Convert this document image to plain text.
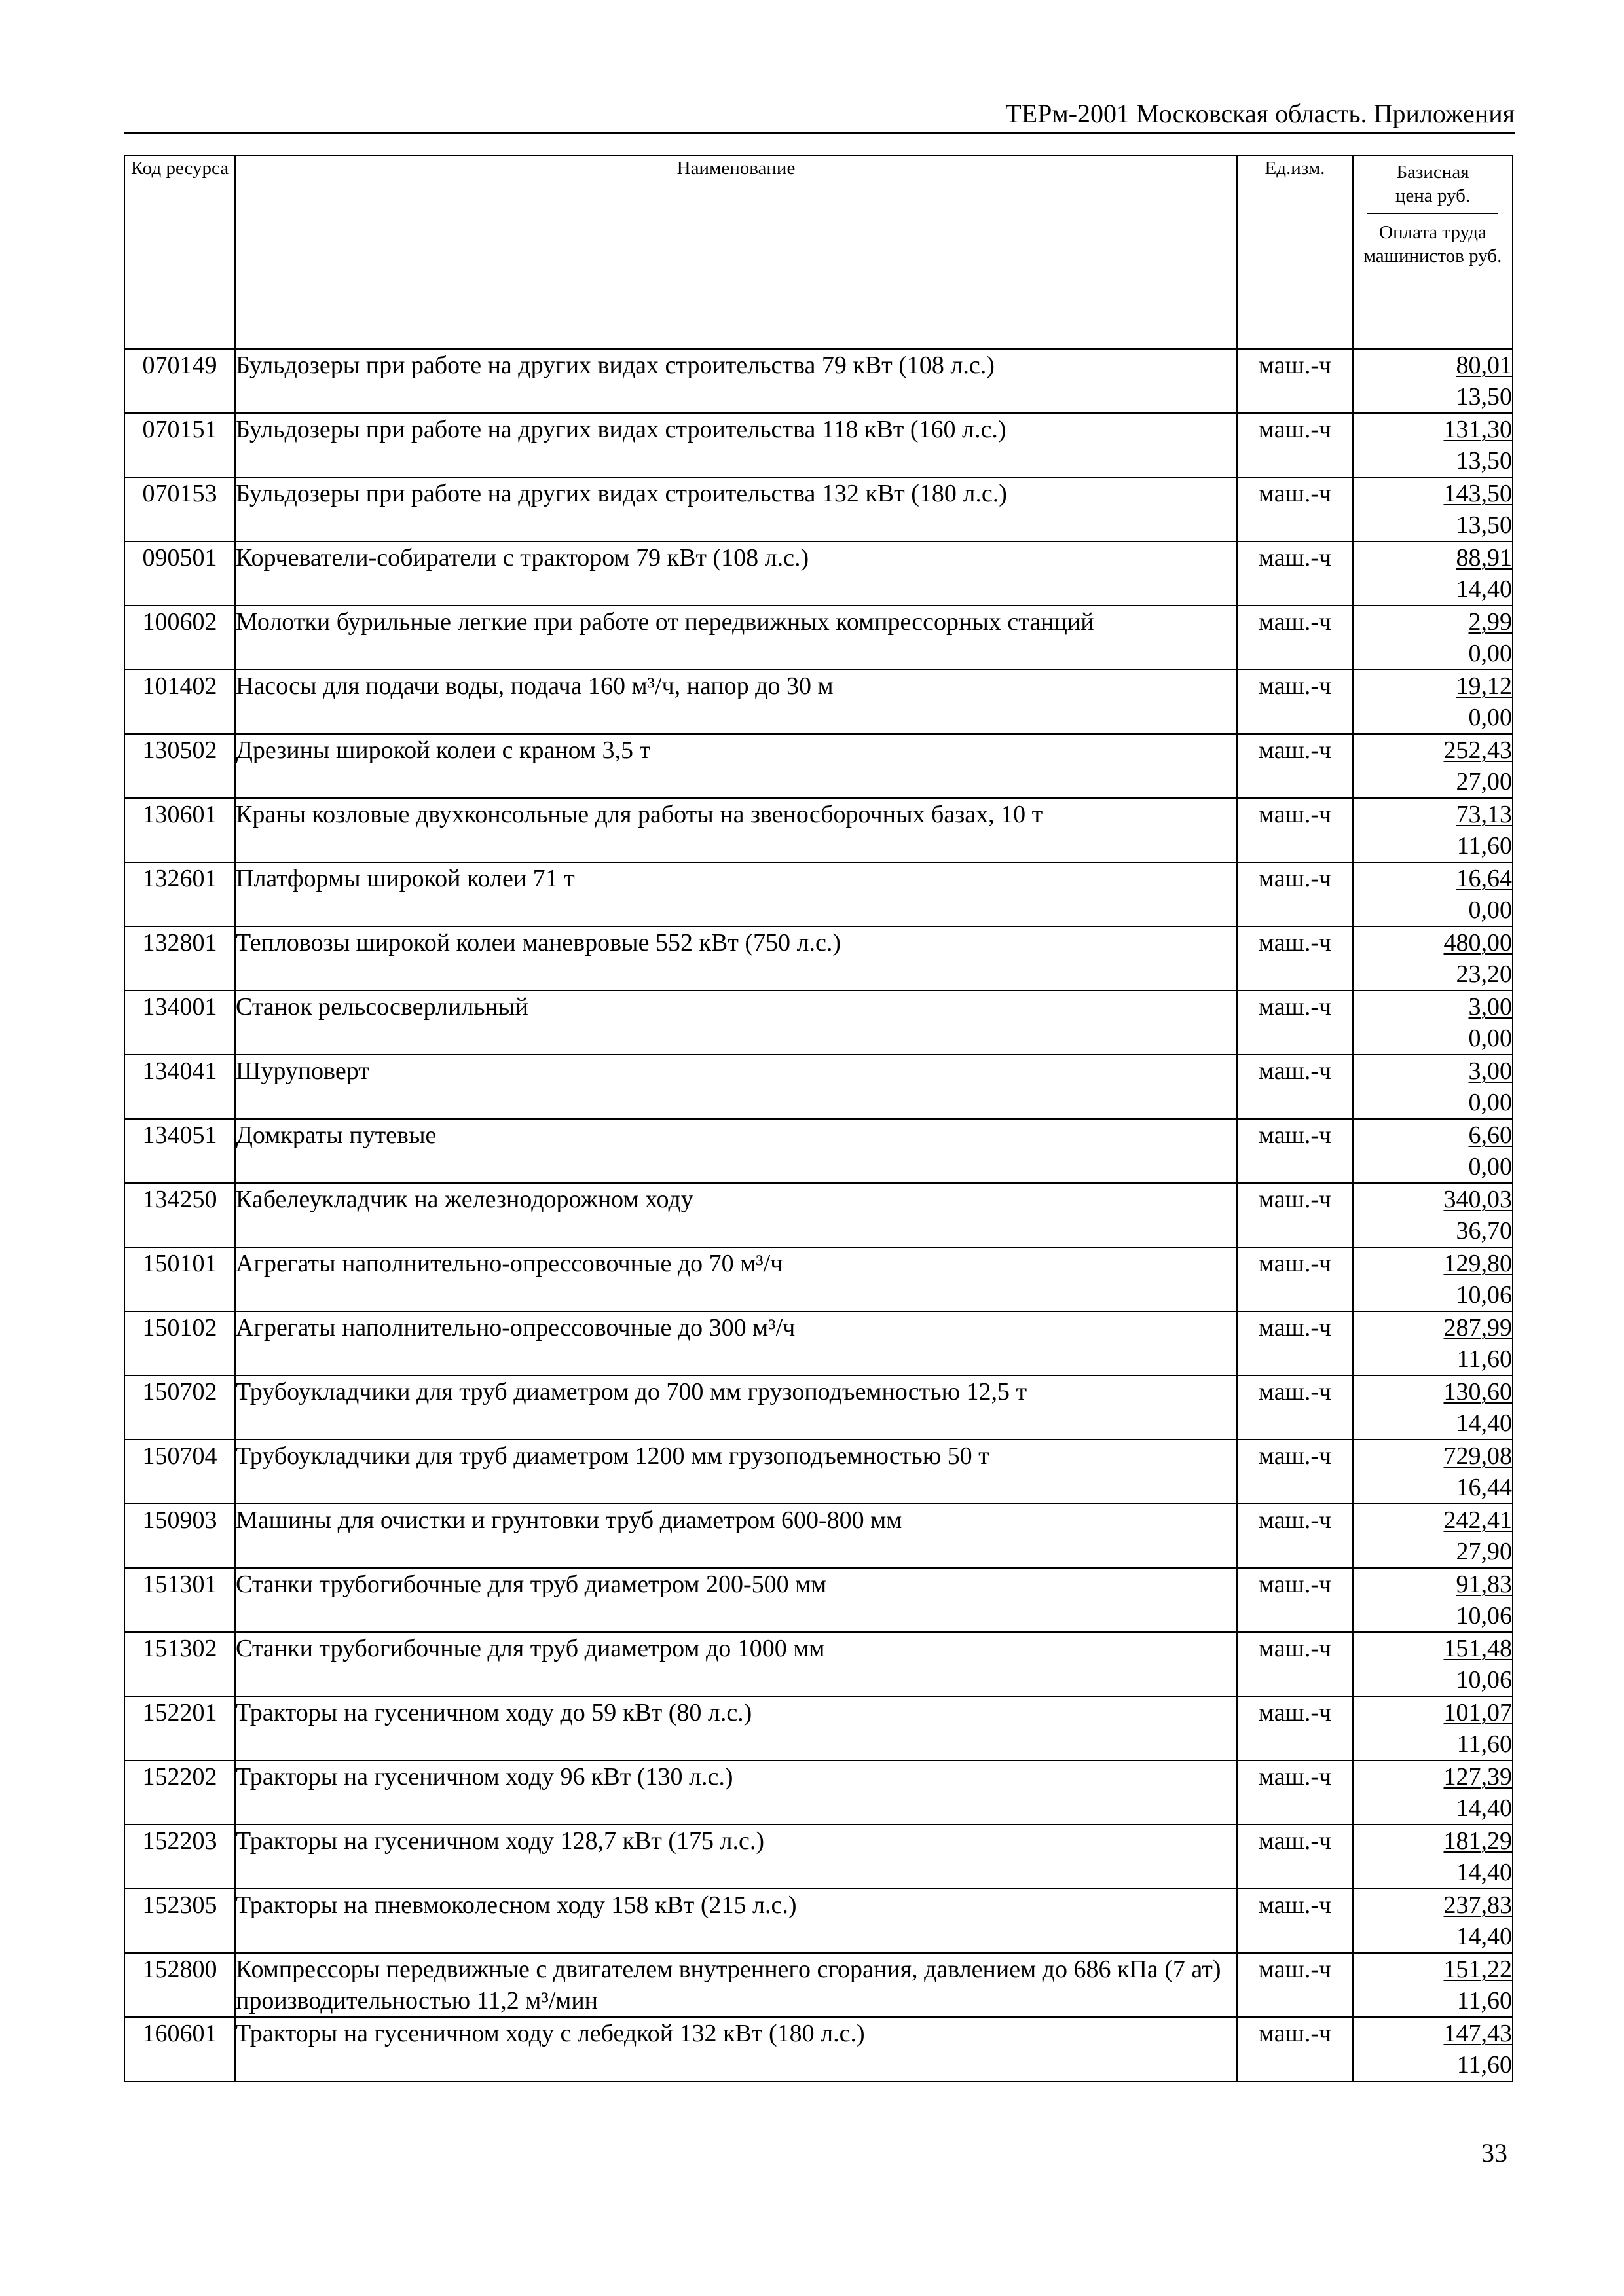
ТЕРм-2001 Московская область. Приложения
Код ресурса	Наименование	Ед.изм.	Базисная цена руб.
Оплата труда машинистов руб.

070149	Бульдозеры при работе на других видах строительства 79 кВт (108 л.с.)	маш.-ч	80,01
13,50

070151	Бульдозеры при работе на других видах строительства 118 кВт (160 л.с.)	маш.-ч	131,30
13,50

070153	Бульдозеры при работе на других видах строительства 132 кВт (180 л.с.)	маш.-ч	143,50
13,50

090501	Корчеватели-собиратели с трактором 79 кВт (108 л.с.)	маш.-ч	88,91
14,40

100602	Молотки бурильные легкие при работе от передвижных компрессорных станций	маш.-ч	2,99
0,00

101402	Насосы для подачи воды, подача 160 м³/ч, напор до 30 м	маш.-ч	19,12
0,00

130502	Дрезины широкой колеи с краном 3,5 т	маш.-ч	252,43
27,00

130601	Краны козловые двухконсольные для работы на звеносборочных базах, 10 т	маш.-ч	73,13
11,60

132601	Платформы широкой колеи 71 т	маш.-ч	16,64
0,00

132801	Тепловозы широкой колеи маневровые 552 кВт (750 л.с.)	маш.-ч	480,00
23,20

134001	Станок рельсосверлильный	маш.-ч	3,00
0,00

134041	Шуруповерт	маш.-ч	3,00
0,00

134051	Домкраты путевые	маш.-ч	6,60
0,00

134250	Кабелеукладчик на железнодорожном ходу	маш.-ч	340,03
36,70

150101	Агрегаты наполнительно-опрессовочные до 70 м³/ч	маш.-ч	129,80
10,06

150102	Агрегаты наполнительно-опрессовочные до 300 м³/ч	маш.-ч	287,99
11,60

150702	Трубоукладчики для труб диаметром до 700 мм грузоподъемностью 12,5 т	маш.-ч	130,60
14,40

150704	Трубоукладчики для труб диаметром 1200 мм грузоподъемностью 50 т	маш.-ч	729,08
16,44

150903	Машины для очистки и грунтовки труб диаметром 600-800 мм	маш.-ч	242,41
27,90

151301	Станки трубогибочные для труб диаметром 200-500 мм	маш.-ч	91,83
10,06

151302	Станки трубогибочные для труб диаметром до 1000 мм	маш.-ч	151,48
10,06

152201	Тракторы на гусеничном ходу до 59 кВт (80 л.с.)	маш.-ч	101,07
11,60

152202	Тракторы на гусеничном ходу 96 кВт (130 л.с.)	маш.-ч	127,39
14,40

152203	Тракторы на гусеничном ходу 128,7 кВт (175 л.с.)	маш.-ч	181,29
14,40

152305	Тракторы на пневмоколесном ходу 158 кВт (215 л.с.)	маш.-ч	237,83
14,40

152800	Компрессоры передвижные с двигателем внутреннего сгорания, давлением до 686 кПа (7 ат) производительностью 11,2 м³/мин	маш.-ч	151,22
11,60

160601	Тракторы на гусеничном ходу с лебедкой 132 кВт (180 л.с.)	маш.-ч	147,43
11,60
33
